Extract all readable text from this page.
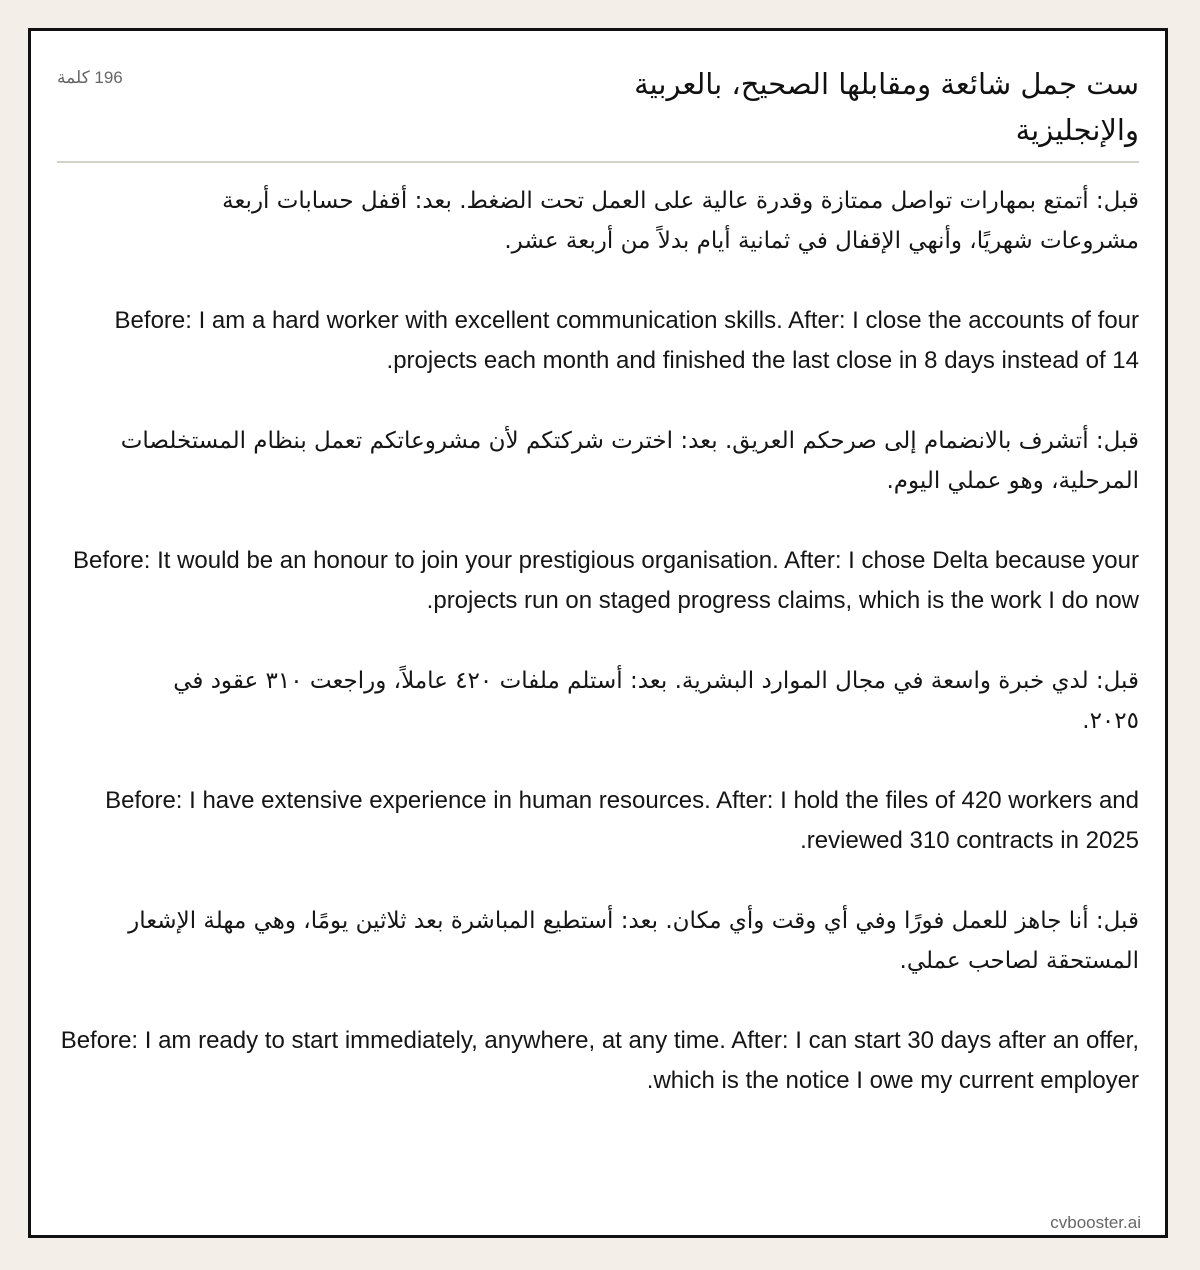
ست جمل شائعة ومقابلها الصحيح، بالعربية والإنجليزية
196 كلمة

قبل: أتمتع بمهارات تواصل ممتازة وقدرة عالية على العمل تحت الضغط. بعد: أقفل حسابات أربعة مشروعات شهريًا، وأنهي الإقفال في ثمانية أيام بدلاً من أربعة عشر.

Before: I am a hard worker with excellent communication skills. After: I close the accounts of four projects each month and finished the last close in 8 days instead of 14.

قبل: أتشرف بالانضمام إلى صرحكم العريق. بعد: اخترت شركتكم لأن مشروعاتكم تعمل بنظام المستخلصات المرحلية، وهو عملي اليوم.

Before: It would be an honour to join your prestigious organisation. After: I chose Delta because your projects run on staged progress claims, which is the work I do now.

قبل: لدي خبرة واسعة في مجال الموارد البشرية. بعد: أستلم ملفات ٤٢٠ عاملاً، وراجعت ٣١٠ عقود في ٢٠٢٥.

Before: I have extensive experience in human resources. After: I hold the files of 420 workers and reviewed 310 contracts in 2025.

قبل: أنا جاهز للعمل فورًا وفي أي وقت وأي مكان. بعد: أستطيع المباشرة بعد ثلاثين يومًا، وهي مهلة الإشعار المستحقة لصاحب عملي.

Before: I am ready to start immediately, anywhere, at any time. After: I can start 30 days after an offer, which is the notice I owe my current employer.

cvbooster.ai
